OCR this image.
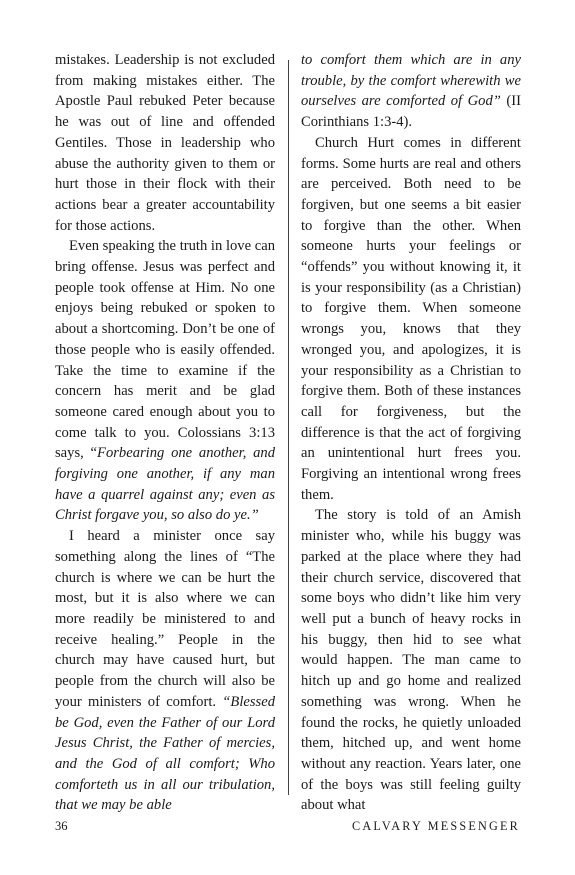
mistakes. Leadership is not excluded from making mistakes either. The Apostle Paul rebuked Peter because he was out of line and offended Gentiles. Those in leadership who abuse the authority given to them or hurt those in their flock with their actions bear a greater accountability for those actions.

Even speaking the truth in love can bring offense. Jesus was perfect and people took offense at Him. No one enjoys being rebuked or spoken to about a shortcoming. Don’t be one of those people who is easily offended. Take the time to examine if the concern has merit and be glad someone cared enough about you to come talk to you. Colossians 3:13 says, “Forbearing one another, and forgiving one another, if any man have a quarrel against any; even as Christ forgave you, so also do ye.”

I heard a minister once say something along the lines of “The church is where we can be hurt the most, but it is also where we can more readily be ministered to and receive healing.” People in the church may have caused hurt, but people from the church will also be your ministers of comfort. “Blessed be God, even the Father of our Lord Jesus Christ, the Father of mercies, and the God of all comfort; Who comforteth us in all our tribulation, that we may be able

to comfort them which are in any trouble, by the comfort wherewith we ourselves are comforted of God” (II Corinthians 1:3-4).

Church Hurt comes in different forms. Some hurts are real and others are perceived. Both need to be forgiven, but one seems a bit easier to forgive than the other. When someone hurts your feelings or “offends” you without knowing it, it is your responsibility (as a Christian) to forgive them. When someone wrongs you, knows that they wronged you, and apologizes, it is your responsibility as a Christian to forgive them. Both of these instances call for forgiveness, but the difference is that the act of forgiving an unintentional hurt frees you. Forgiving an intentional wrong frees them.

The story is told of an Amish minister who, while his buggy was parked at the place where they had their church service, discovered that some boys who didn’t like him very well put a bunch of heavy rocks in his buggy, then hid to see what would happen. The man came to hitch up and go home and realized something was wrong. When he found the rocks, he quietly unloaded them, hitched up, and went home without any reaction. Years later, one of the boys was still feeling guilty about what

36	CALVARY MESSENGER
